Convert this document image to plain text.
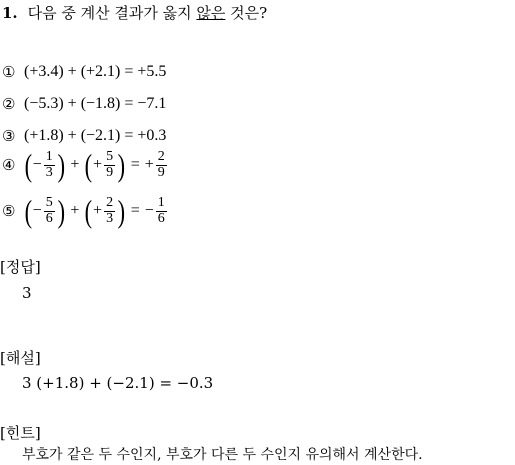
1. 다음 중 계산 결과가 옳지 않은 것은?
① (+3.4) + (+2.1) = +5.5
② (−5.3) + (−1.8) = −7.1
③ (+1.8) + (−2.1) = +0.3
④ ( − $\frac{1}{3}$ ) + ( + $\frac{5}{9}$ ) = + $\frac{2}{9}$
⑤ ( − $\frac{5}{6}$ ) + ( + $\frac{2}{3}$ ) = − $\frac{1}{6}$
[정답]
3
[해설]
3 (+1.8) + (−2.1) = −0.3
[힌트]
부호가 같은 두 수인지, 부호가 다른 두 수인지 유의해서 계산한다.
